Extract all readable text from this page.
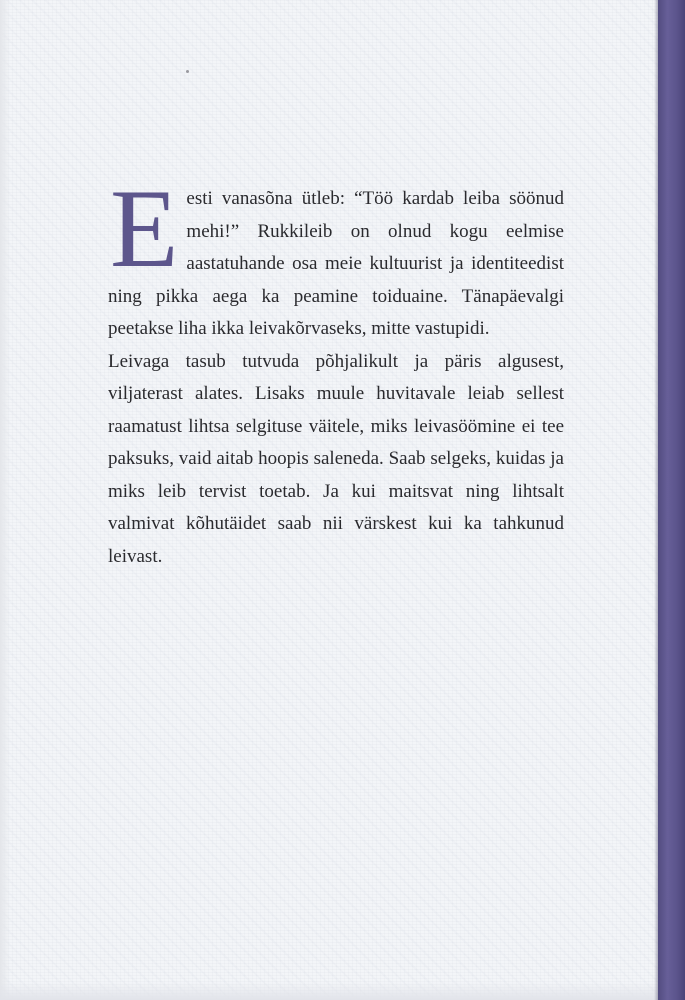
Eesti vanasõna ütleb: “Töö kardab leiba söönud mehi!” Rukkileib on olnud kogu eelmise aastatuhande osa meie kultuurist ja identiteedist ning pikka aega ka peamine toiduaine. Tänapäevalgi peetakse liha ikka leivakõrvaseks, mitte vastupidi.

Leivaga tasub tutvuda põhjalikult ja päris algusest, viljaterast alates. Lisaks muule huvitavale leiab sellest raamatust lihtsa selgituse väitele, miks leivasöömine ei tee paksuks, vaid aitab hoopis saleneda. Saab selgeks, kuidas ja miks leib tervist toetab. Ja kui maitsvat ning lihtsalt valmivat kõhutäidet saab nii värskest kui ka tahkunud leivast.
